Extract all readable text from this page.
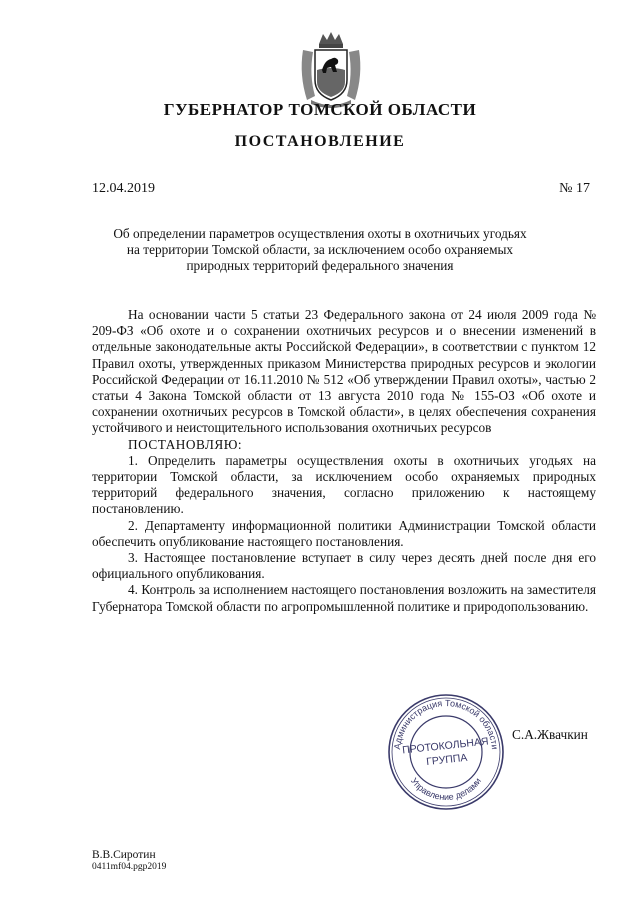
ГУБЕРНАТОР ТОМСКОЙ ОБЛАСТИ
ПОСТАНОВЛЕНИЕ
12.04.2019	№ 17
Об определении параметров осуществления охоты в охотничьих угодьях
на территории Томской области, за исключением особо охраняемых
природных территорий федерального значения

На основании части 5 статьи 23 Федерального закона от 24 июля 2009 года № 209-ФЗ «Об охоте и о сохранении охотничьих ресурсов и о внесении изменений в отдельные законодательные акты Российской Федерации», в соответствии с пунктом 12 Правил охоты, утвержденных приказом Министерства природных ресурсов и экологии Российской Федерации от 16.11.2010 № 512 «Об утверждении Правил охоты», частью 2 статьи 4 Закона Томской области от 13 августа 2010 года № 155-ОЗ «Об охоте и сохранении охотничьих ресурсов в Томской области», в целях обеспечения сохранения устойчивого и неистощительного использования охотничьих ресурсов

ПОСТАНОВЛЯЮ:

1. Определить параметры осуществления охоты в охотничьих угодьях на территории Томской области, за исключением особо охраняемых природных территорий федерального значения, согласно приложению к настоящему постановлению.

2. Департаменту информационной политики Администрации Томской области обеспечить опубликование настоящего постановления.

3. Настоящее постановление вступает в силу через десять дней после дня его официального опубликования.

4. Контроль за исполнением настоящего постановления возложить на заместителя Губернатора Томской области по агропромышленной политике и природопользованию.

Администрация Томской области
Управление делами
ПРОТОКОЛЬНАЯ
ГРУППА
С.А.Жвачкин
В.В.Сиротин
0411mf04.pgp2019
